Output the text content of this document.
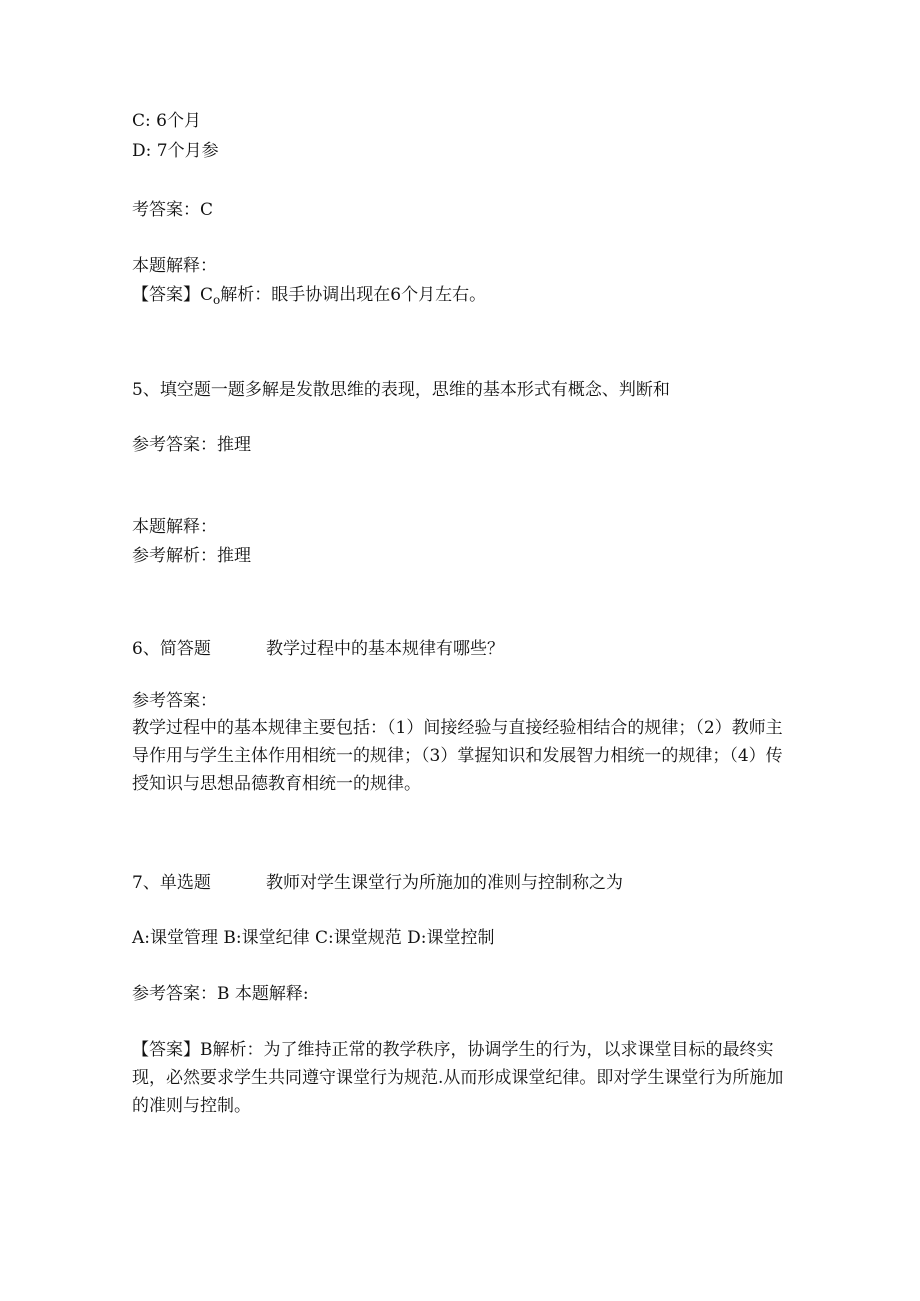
C: 6个月

D: 7个月参

考答案：C

本题解释：

【答案】$C_o$解析：眼手协调出现在6个月左右。

5、填空题一题多解是发散思维的表现，思维的基本形式有概念、判断和

参考答案：推理

本题解释：

参考解析：推理

6、简答题	教学过程中的基本规律有哪些？

参考答案：

教学过程中的基本规律主要包括：（1）间接经验与直接经验相结合的规律；（2）教师主导作用与学生主体作用相统一的规律；（3）掌握知识和发展智力相统一的规律；（4）传授知识与思想品德教育相统一的规律。

7、单选题	教师对学生课堂行为所施加的准则与控制称之为

A:课堂管理 B:课堂纪律 C:课堂规范 D:课堂控制

参考答案：B 本题解释:

【答案】B解析：为了维持正常的教学秩序，协调学生的行为，以求课堂目标的最终实现，必然要求学生共同遵守课堂行为规范.从而形成课堂纪律。即对学生课堂行为所施加的准则与控制。
